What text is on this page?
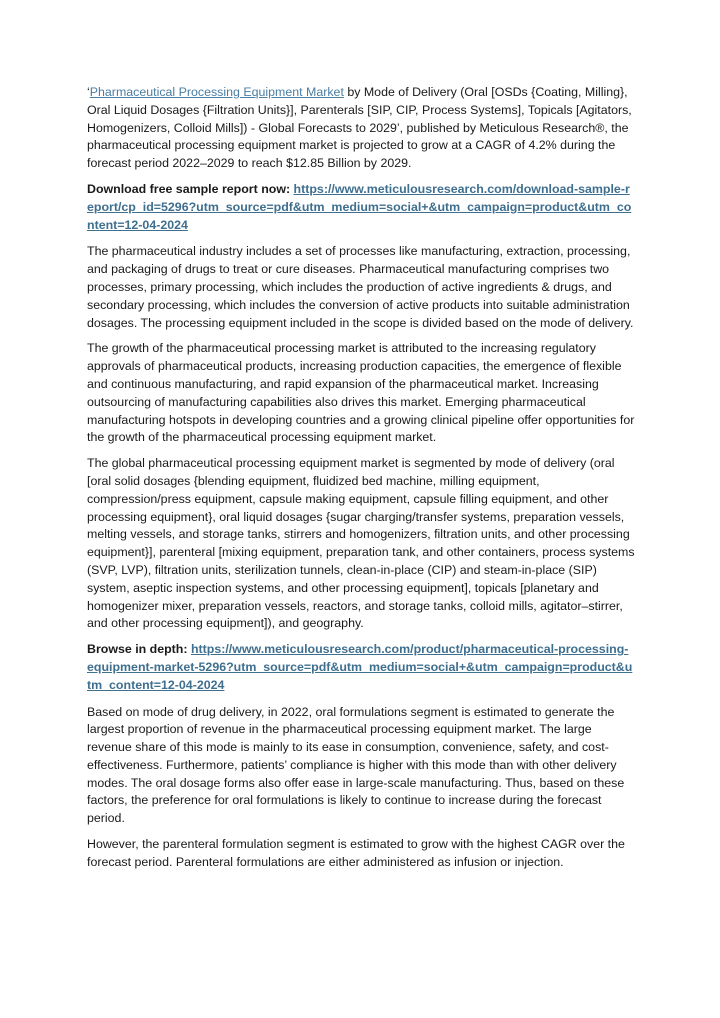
‘Pharmaceutical Processing Equipment Market by Mode of Delivery (Oral [OSDs {Coating, Milling}, Oral Liquid Dosages {Filtration Units}], Parenterals [SIP, CIP, Process Systems], Topicals [Agitators, Homogenizers, Colloid Mills]) - Global Forecasts to 2029’, published by Meticulous Research®, the pharmaceutical processing equipment market is projected to grow at a CAGR of 4.2% during the forecast period 2022–2029 to reach $12.85 Billion by 2029.

Download free sample report now: https://www.meticulousresearch.com/download-sample-report/cp_id=5296?utm_source=pdf&utm_medium=social+&utm_campaign=product&utm_content=12-04-2024

The pharmaceutical industry includes a set of processes like manufacturing, extraction, processing, and packaging of drugs to treat or cure diseases. Pharmaceutical manufacturing comprises two processes, primary processing, which includes the production of active ingredients & drugs, and secondary processing, which includes the conversion of active products into suitable administration dosages. The processing equipment included in the scope is divided based on the mode of delivery.

The growth of the pharmaceutical processing market is attributed to the increasing regulatory approvals of pharmaceutical products, increasing production capacities, the emergence of flexible and continuous manufacturing, and rapid expansion of the pharmaceutical market. Increasing outsourcing of manufacturing capabilities also drives this market. Emerging pharmaceutical manufacturing hotspots in developing countries and a growing clinical pipeline offer opportunities for the growth of the pharmaceutical processing equipment market.

The global pharmaceutical processing equipment market is segmented by mode of delivery (oral [oral solid dosages {blending equipment, fluidized bed machine, milling equipment, compression/press equipment, capsule making equipment, capsule filling equipment, and other processing equipment}, oral liquid dosages {sugar charging/transfer systems, preparation vessels, melting vessels, and storage tanks, stirrers and homogenizers, filtration units, and other processing equipment}], parenteral [mixing equipment, preparation tank, and other containers, process systems (SVP, LVP), filtration units, sterilization tunnels, clean-in-place (CIP) and steam-in-place (SIP) system, aseptic inspection systems, and other processing equipment], topicals [planetary and homogenizer mixer, preparation vessels, reactors, and storage tanks, colloid mills, agitator–stirrer, and other processing equipment]), and geography.

Browse in depth: https://www.meticulousresearch.com/product/pharmaceutical-processing-equipment-market-5296?utm_source=pdf&utm_medium=social+&utm_campaign=product&utm_content=12-04-2024

Based on mode of drug delivery, in 2022, oral formulations segment is estimated to generate the largest proportion of revenue in the pharmaceutical processing equipment market. The large revenue share of this mode is mainly to its ease in consumption, convenience, safety, and cost-effectiveness. Furthermore, patients’ compliance is higher with this mode than with other delivery modes. The oral dosage forms also offer ease in large-scale manufacturing. Thus, based on these factors, the preference for oral formulations is likely to continue to increase during the forecast period.

However, the parenteral formulation segment is estimated to grow with the highest CAGR over the forecast period. Parenteral formulations are either administered as infusion or injection.
